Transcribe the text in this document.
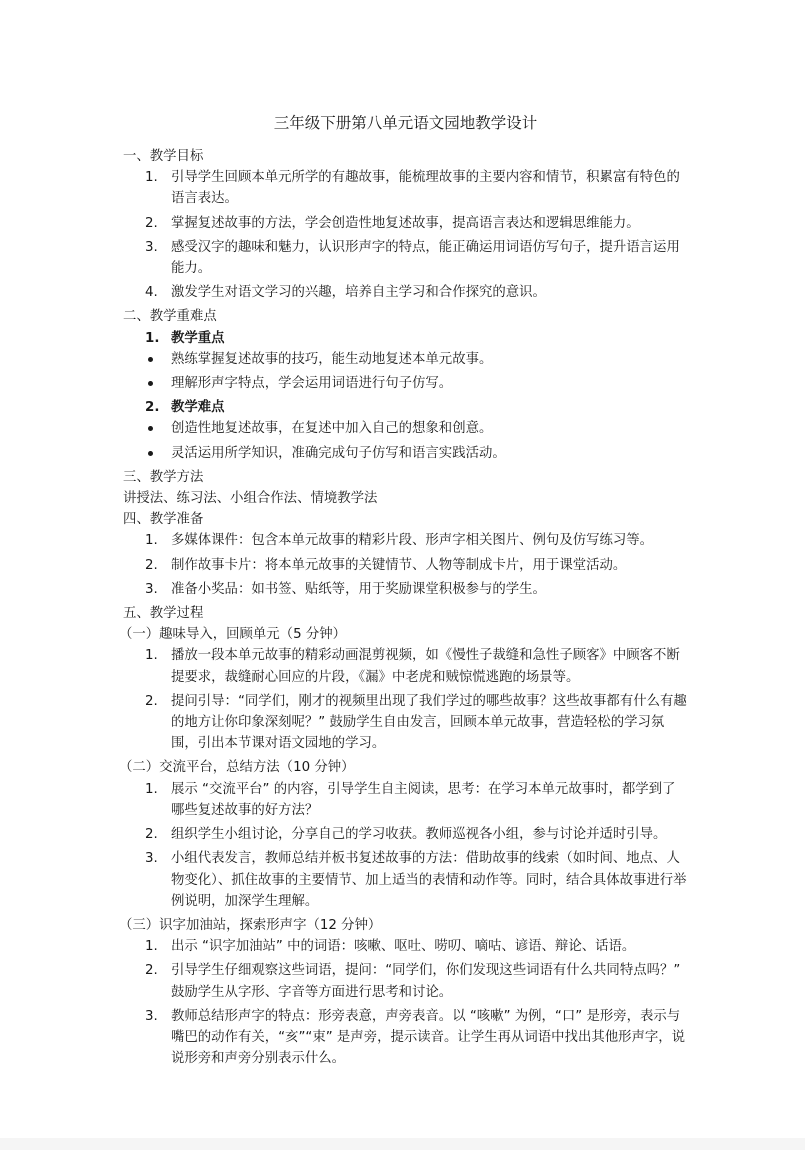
三年级下册第八单元语文园地教学设计
一、教学目标
1. 引导学生回顾本单元所学的有趣故事，能梳理故事的主要内容和情节，积累富有特色的语言表达。
2. 掌握复述故事的方法，学会创造性地复述故事，提高语言表达和逻辑思维能力。
3. 感受汉字的趣味和魅力，认识形声字的特点，能正确运用词语仿写句子，提升语言运用能力。
4. 激发学生对语文学习的兴趣，培养自主学习和合作探究的意识。
二、教学重难点
1. 教学重点
熟练掌握复述故事的技巧，能生动地复述本单元故事。
理解形声字特点，学会运用词语进行句子仿写。
2. 教学难点
创造性地复述故事，在复述中加入自己的想象和创意。
灵活运用所学知识，准确完成句子仿写和语言实践活动。
三、教学方法
讲授法、练习法、小组合作法、情境教学法
四、教学准备
1. 多媒体课件：包含本单元故事的精彩片段、形声字相关图片、例句及仿写练习等。
2. 制作故事卡片：将本单元故事的关键情节、人物等制成卡片，用于课堂活动。
3. 准备小奖品：如书签、贴纸等，用于奖励课堂积极参与的学生。
五、教学过程
（一）趣味导入，回顾单元（5 分钟）
1. 播放一段本单元故事的精彩动画混剪视频，如《慢性子裁缝和急性子顾客》中顾客不断提要求，裁缝耐心回应的片段，《漏》中老虎和贼惊慌逃跑的场景等。
2. 提问引导：“同学们，刚才的视频里出现了我们学过的哪些故事？这些故事都有什么有趣的地方让你印象深刻呢？” 鼓励学生自由发言，回顾本单元故事，营造轻松的学习氛围，引出本节课对语文园地的学习。
（二）交流平台，总结方法（10 分钟）
1. 展示 “交流平台” 的内容，引导学生自主阅读，思考：在学习本单元故事时，都学到了哪些复述故事的好方法？
2. 组织学生小组讨论，分享自己的学习收获。教师巡视各小组，参与讨论并适时引导。
3. 小组代表发言，教师总结并板书复述故事的方法：借助故事的线索（如时间、地点、人物变化）、抓住故事的主要情节、加上适当的表情和动作等。同时，结合具体故事进行举例说明，加深学生理解。
（三）识字加油站，探索形声字（12 分钟）
1. 出示 “识字加油站” 中的词语：咳嗽、呕吐、唠叨、嘀咕、谚语、辩论、话语。
2. 引导学生仔细观察这些词语，提问：“同学们，你们发现这些词语有什么共同特点吗？” 鼓励学生从字形、字音等方面进行思考和讨论。
3. 教师总结形声字的特点：形旁表意，声旁表音。以 “咳嗽” 为例，“口” 是形旁，表示与嘴巴的动作有关，“亥”“束” 是声旁，提示读音。让学生再从词语中找出其他形声字，说说形旁和声旁分别表示什么。
